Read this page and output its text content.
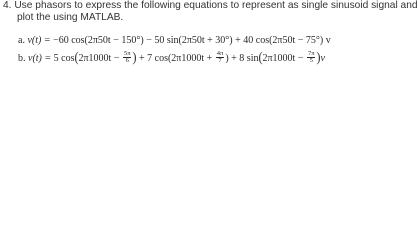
4. Use phasors to express the following equations to represent as single sinusoid signal and
plot the using MATLAB.
a. v(t) = −60 cos(2π50t − 150°) − 50 sin(2π50t + 30°) + 40 cos(2π50t − 75°) v
b. v(t) = 5 $\cos(2\pi 1000t - \frac{5\pi}{6}$ ) + 7 $\cos(2\pi 1000t + \frac{4\pi}{7}$ ) + 8 $\sin(2\pi 1000t - \frac{7\pi}{5} )v$
